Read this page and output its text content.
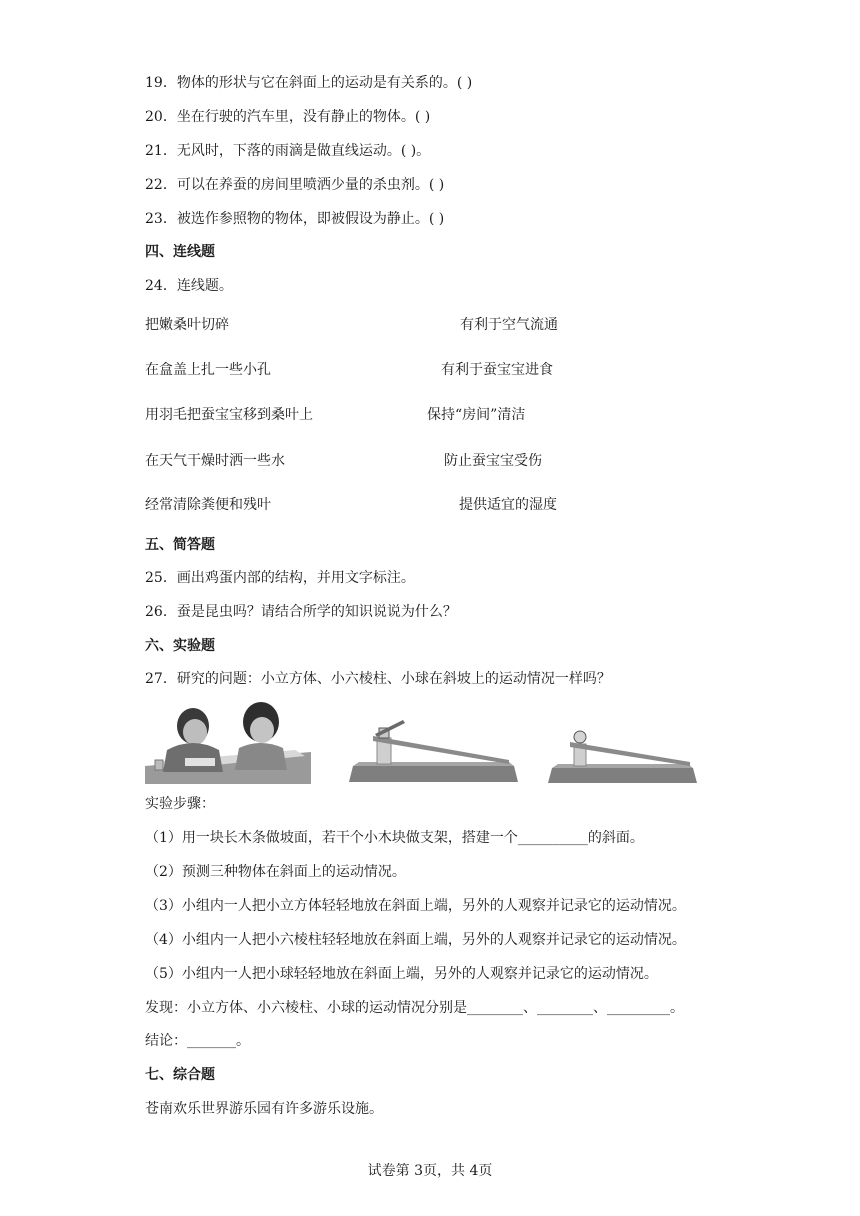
19．物体的形状与它在斜面上的运动是有关系的。( )
20．坐在行驶的汽车里，没有静止的物体。( )
21．无风时，下落的雨滴是做直线运动。( )。
22．可以在养蚕的房间里喷洒少量的杀虫剂。( )
23．被选作参照物的物体，即被假设为静止。( )
四、连线题
24．连线题。
把嫩桑叶切碎	有利于空气流通
在盒盖上扎一些小孔	有利于蚕宝宝进食
用羽毛把蚕宝宝移到桑叶上	保持“房间”清洁
在天气干燥时洒一些水	防止蚕宝宝受伤
经常清除粪便和残叶	提供适宜的湿度
五、简答题
25．画出鸡蛋内部的结构，并用文字标注。
26．蚕是昆虫吗？请结合所学的知识说说为什么？
六、实验题
27．研究的问题：小立方体、小六棱柱、小球在斜坡上的运动情况一样吗？
实验步骤：
（1）用一块长木条做坡面，若干个小木块做支架，搭建一个__________的斜面。
（2）预测三种物体在斜面上的运动情况。
（3）小组内一人把小立方体轻轻地放在斜面上端，另外的人观察并记录它的运动情况。
（4）小组内一人把小六棱柱轻轻地放在斜面上端，另外的人观察并记录它的运动情况。
（5）小组内一人把小球轻轻地放在斜面上端，另外的人观察并记录它的运动情况。
发现：小立方体、小六棱柱、小球的运动情况分别是________、________、_________。
结论：_______。
七、综合题
苍南欢乐世界游乐园有许多游乐设施。
试卷第 3页，共 4页
